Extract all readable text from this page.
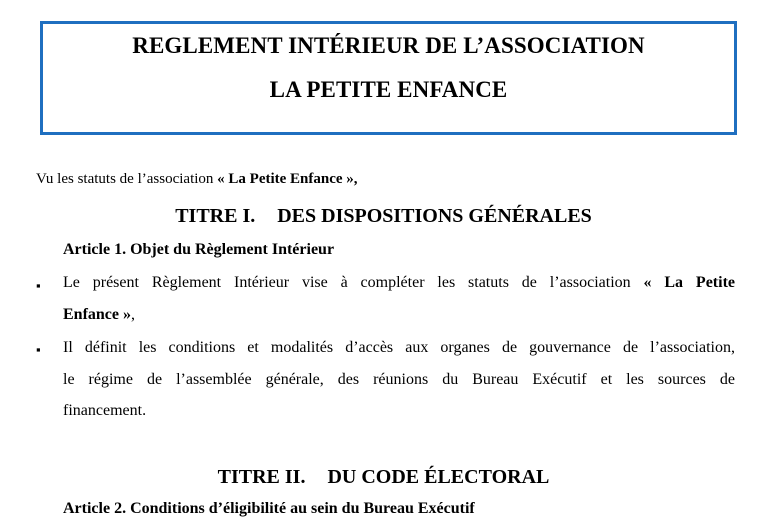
REGLEMENT INTÉRIEUR DE L’ASSOCIATION
LA PETITE ENFANCE
Vu les statuts de l’association « La Petite Enfance »,
TITRE I. DES DISPOSITIONS GÉNÉRALES
Article 1. Objet du Règlement Intérieur
▪ Le présent Règlement Intérieur vise à compléter les statuts de l’association « La Petite
Enfance »,
▪ Il définit les conditions et modalités d’accès aux organes de gouvernance de l’association,
le régime de l’assemblée générale, des réunions du Bureau Exécutif et les sources de
financement.
TITRE II. DU CODE ÉLECTORAL
Article 2. Conditions d’éligibilité au sein du Bureau Exécutif
